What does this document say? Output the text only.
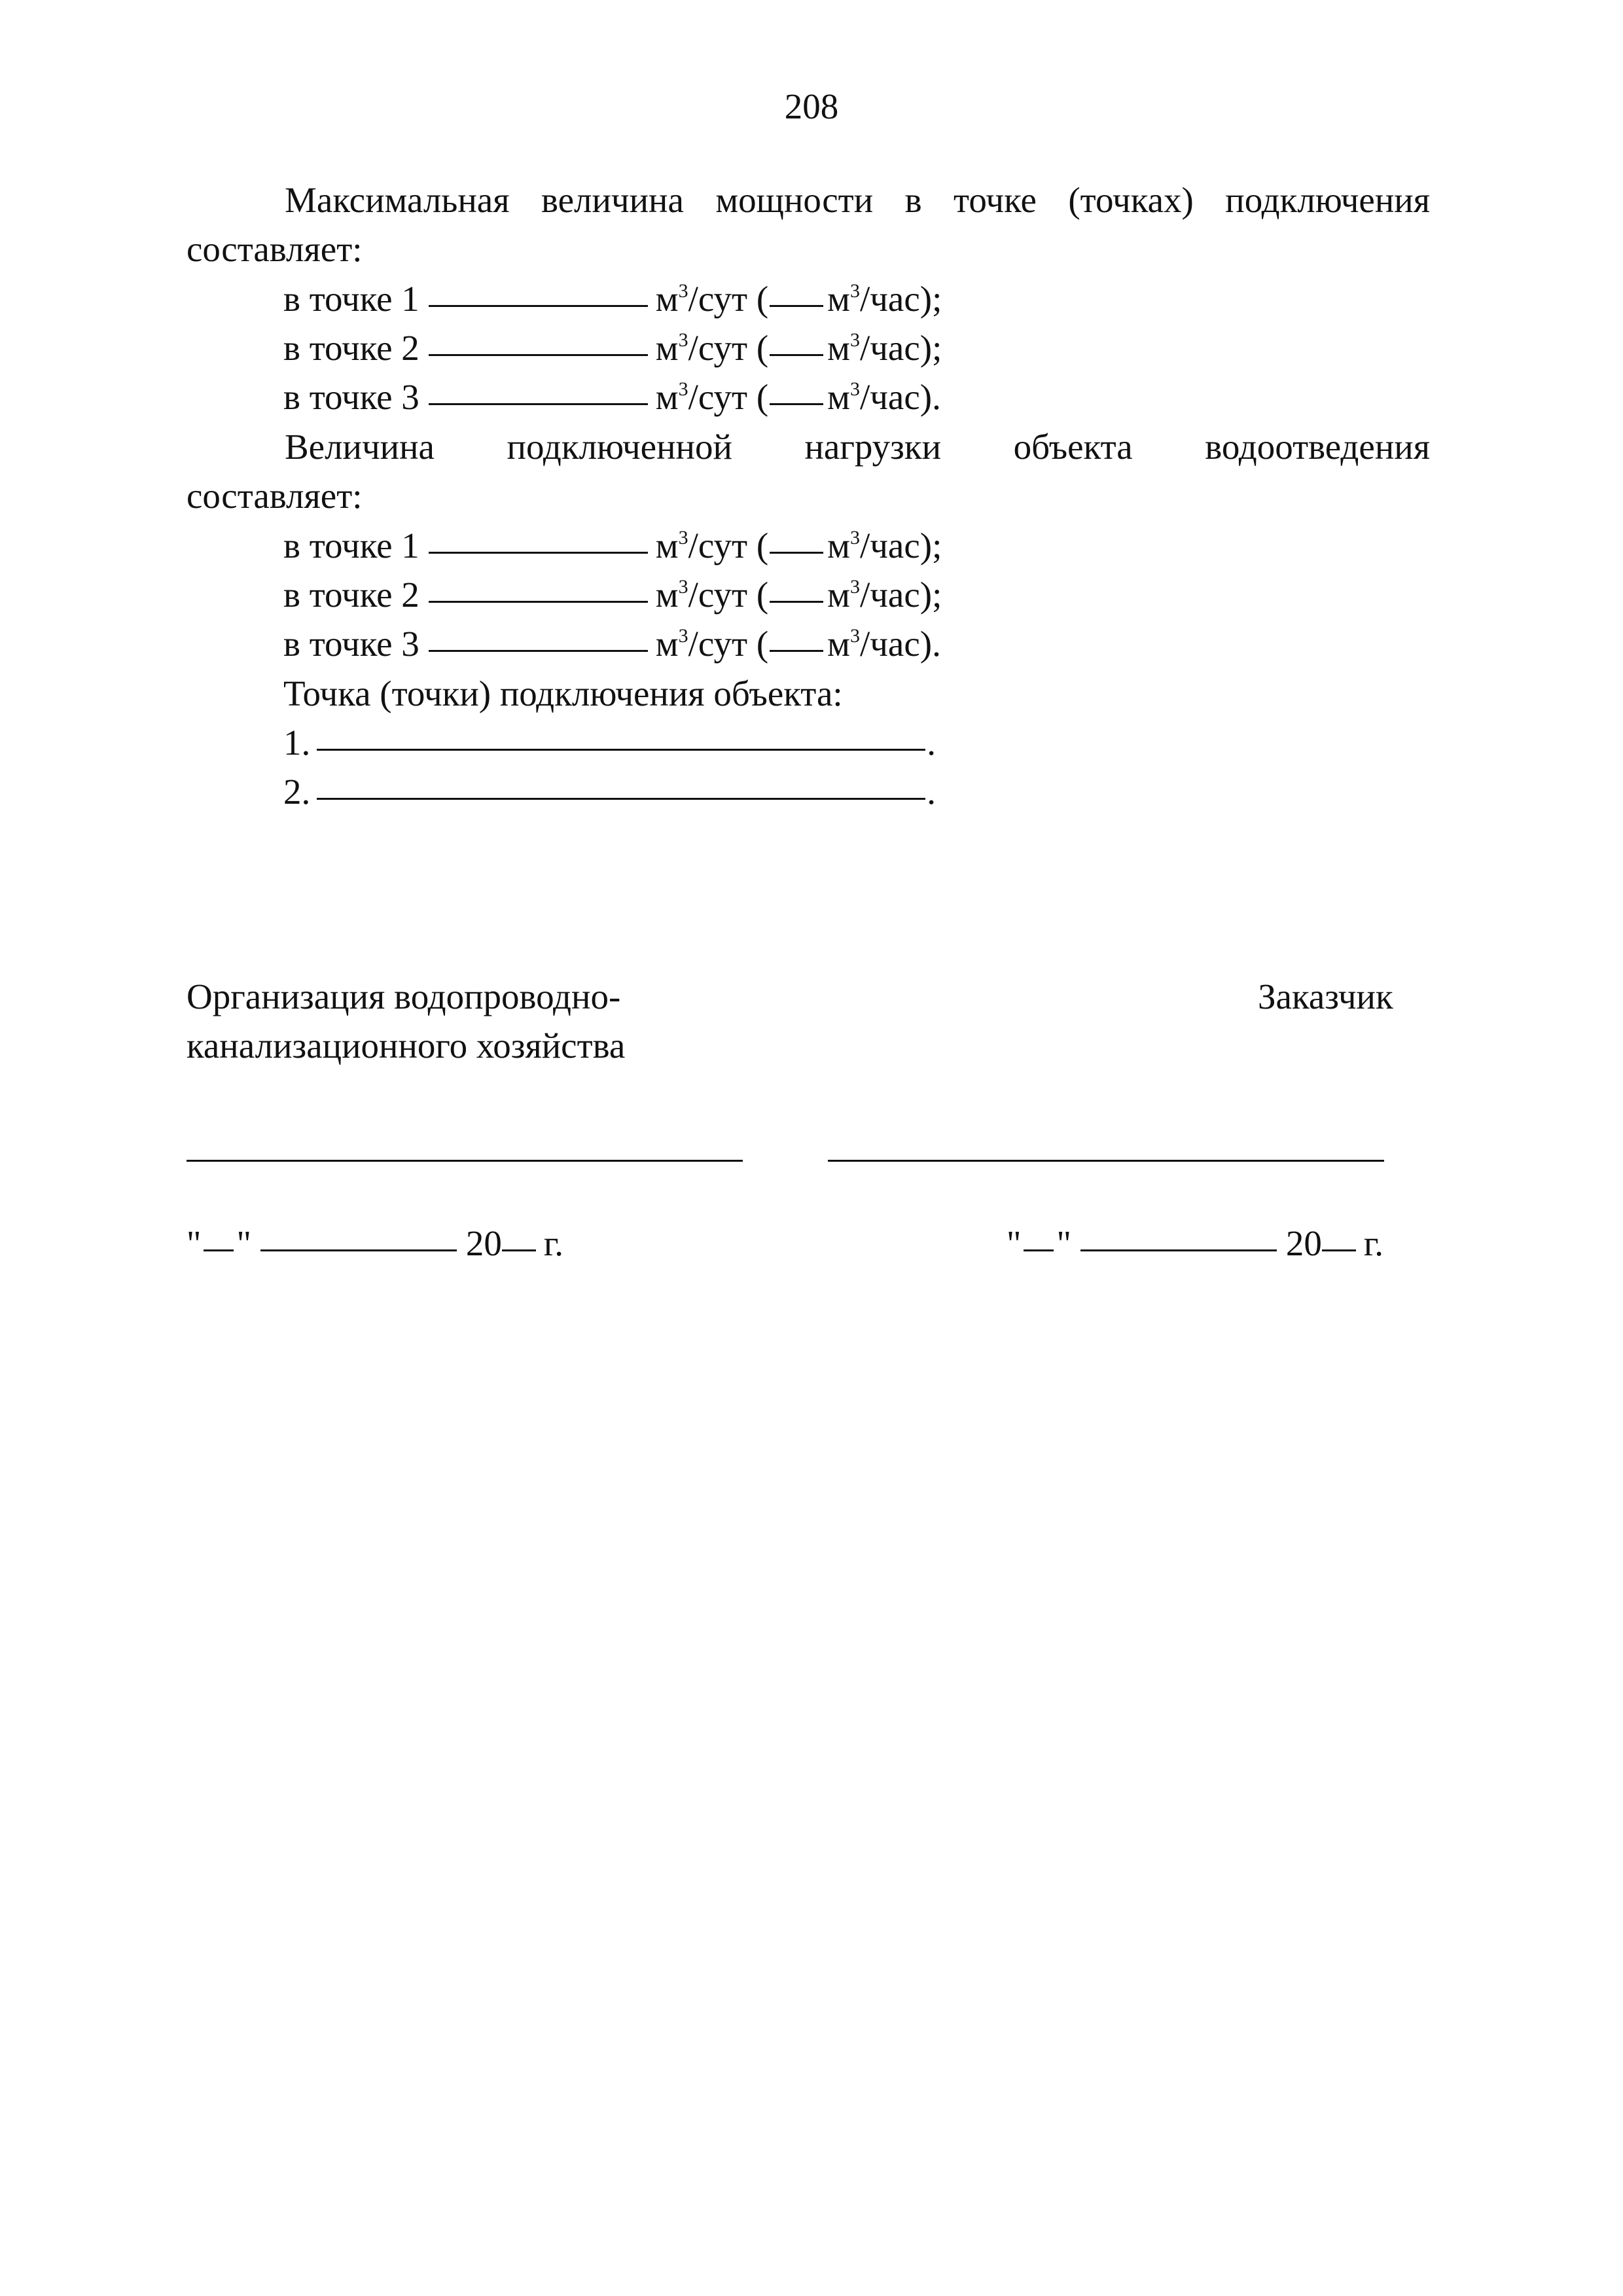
208
Максимальная величина мощности в точке (точках) подключения
составляет:
в точке 1	$м^3$/сут ( $м^3/час$);
в точке 2	$м^3$/сут ( $м^3/час$);
в точке 3	$м^3$/сут ( $м^3/час$).
Величина подключенной нагрузки объекта водоотведения
составляет:
в точке 1	$м^3$/сут ( $м^3/час$);
в точке 2	$м^3$/сут ( $м^3/час$);
в точке 3	$м^3$/сут ( $м^3/час$).
Точка (точки) подключения объекта:
1.	.
2.	.
Организация водопроводно-
канализационного хозяйства
Заказчик
" "	20 г.	" "	20 г.
